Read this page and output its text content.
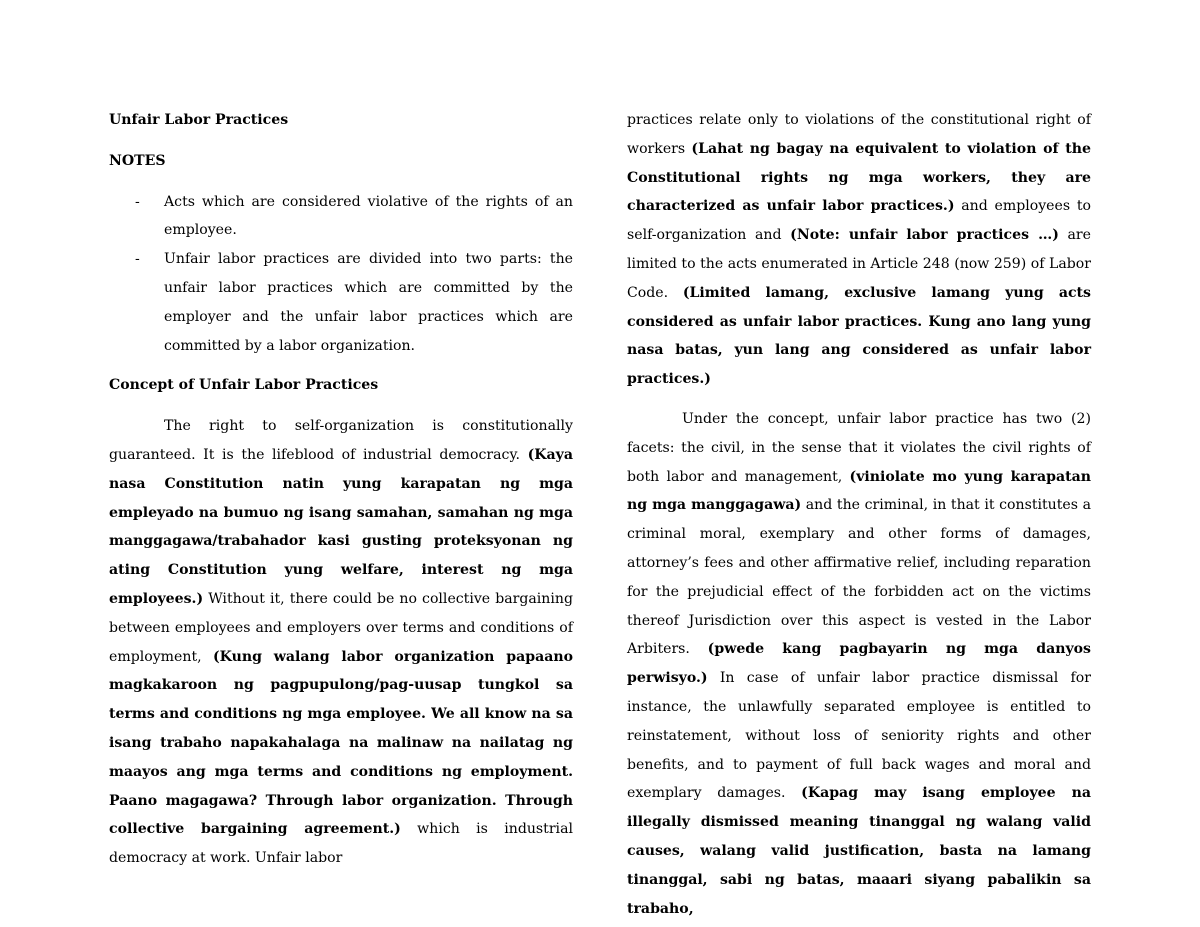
Unfair Labor Practices

NOTES

- Acts which are considered violative of the rights of an employee.
- Unfair labor practices are divided into two parts: the unfair labor practices which are committed by the employer and the unfair labor practices which are committed by a labor organization.

Concept of Unfair Labor Practices

The right to self-organization is constitutionally guaranteed. It is the lifeblood of industrial democracy. (Kaya nasa Constitution natin yung karapatan ng mga empleyado na bumuo ng isang samahan, samahan ng mga manggagawa/trabahador kasi gusting proteksyonan ng ating Constitution yung welfare, interest ng mga employees.) Without it, there could be no collective bargaining between employees and employers over terms and conditions of employment, (Kung walang labor organization papaano magkakaroon ng pagpupulong/pag-uusap tungkol sa terms and conditions ng mga employee. We all know na sa isang trabaho napakahalaga na malinaw na nailatag ng maayos ang mga terms and conditions ng employment. Paano magagawa? Through labor organization. Through collective bargaining agreement.) which is industrial democracy at work. Unfair labor

practices relate only to violations of the constitutional right of workers (Lahat ng bagay na equivalent to violation of the Constitutional rights ng mga workers, they are characterized as unfair labor practices.) and employees to self-organization and (Note: unfair labor practices …) are limited to the acts enumerated in Article 248 (now 259) of Labor Code. (Limited lamang, exclusive lamang yung acts considered as unfair labor practices. Kung ano lang yung nasa batas, yun lang ang considered as unfair labor practices.)

Under the concept, unfair labor practice has two (2) facets: the civil, in the sense that it violates the civil rights of both labor and management, (viniolate mo yung karapatan ng mga manggagawa) and the criminal, in that it constitutes a criminal moral, exemplary and other forms of damages, attorney’s fees and other affirmative relief, including reparation for the prejudicial effect of the forbidden act on the victims thereof Jurisdiction over this aspect is vested in the Labor Arbiters. (pwede kang pagbayarin ng mga danyos perwisyo.) In case of unfair labor practice dismissal for instance, the unlawfully separated employee is entitled to reinstatement, without loss of seniority rights and other benefits, and to payment of full back wages and moral and exemplary damages. (Kapag may isang employee na illegally dismissed meaning tinanggal ng walang valid causes, walang valid justification, basta na lamang tinanggal, sabi ng batas, maaari siyang pabalikin sa trabaho,
